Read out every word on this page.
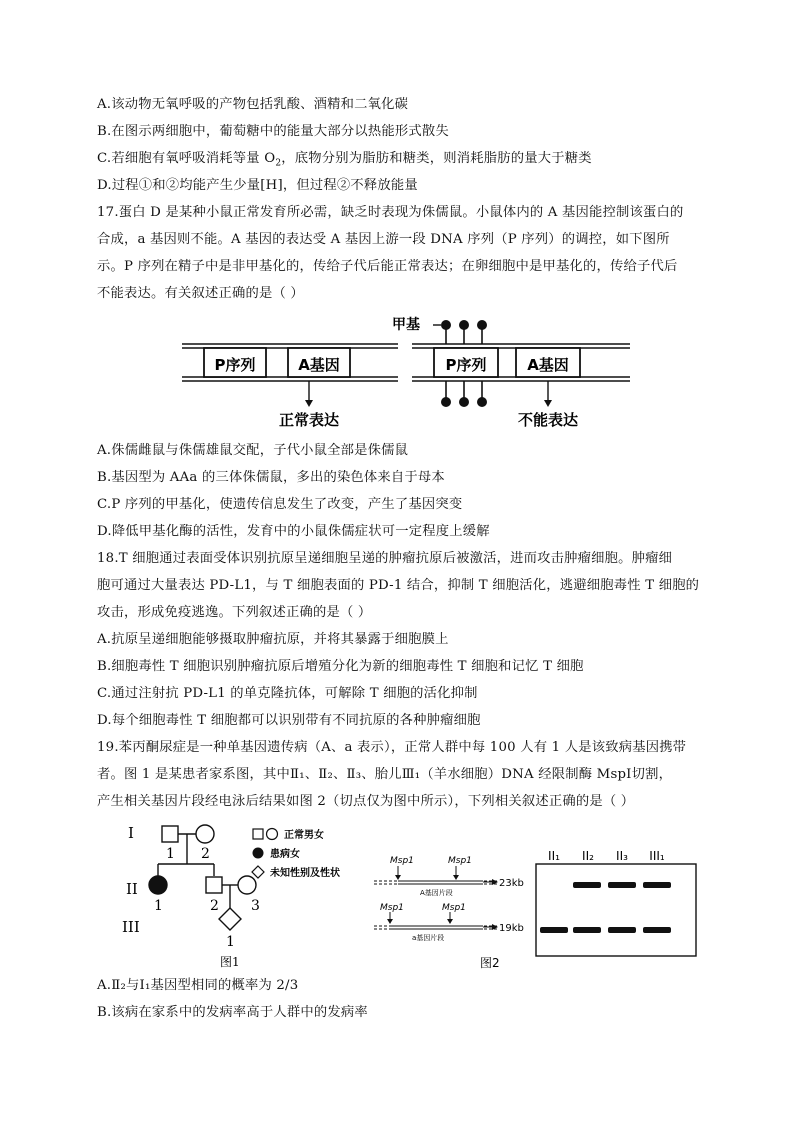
A.该动物无氧呼吸的产物包括乳酸、酒精和二氧化碳
B.在图示两细胞中，葡萄糖中的能量大部分以热能形式散失
C.若细胞有氧呼吸消耗等量 $O_2$，底物分别为脂肪和糖类，则消耗脂肪的量大于糖类
D.过程①和②均能产生少量[H]，但过程②不释放能量
17.蛋白 D 是某种小鼠正常发育所必需，缺乏时表现为侏儒鼠。小鼠体内的 A 基因能控制该蛋白的
合成，a 基因则不能。A 基因的表达受 A 基因上游一段 DNA 序列（P 序列）的调控，如下图所
示。P 序列在精子中是非甲基化的，传给子代后能正常表达；在卵细胞中是甲基化的，传给子代后
不能表达。有关叙述正确的是（ ）
P序列	A基因
正常表达
P序列	A基因
甲基
不能表达
A.侏儒雌鼠与侏儒雄鼠交配，子代小鼠全部是侏儒鼠
B.基因型为 AAa 的三体侏儒鼠，多出的染色体来自于母本
C.P 序列的甲基化，使遗传信息发生了改变，产生了基因突变
D.降低甲基化酶的活性，发育中的小鼠侏儒症状可一定程度上缓解
18.T 细胞通过表面受体识别抗原呈递细胞呈递的肿瘤抗原后被激活，进而攻击肿瘤细胞。肿瘤细
胞可通过大量表达 PD-L1，与 T 细胞表面的 PD-1 结合，抑制 T 细胞活化，逃避细胞毒性 T 细胞的
攻击，形成免疫逃逸。下列叙述正确的是（ ）
A.抗原呈递细胞能够摄取肿瘤抗原，并将其暴露于细胞膜上
B.细胞毒性 T 细胞识别肿瘤抗原后增殖分化为新的细胞毒性 T 细胞和记忆 T 细胞
C.通过注射抗 PD-L1 的单克隆抗体，可解除 T 细胞的活化抑制
D.每个细胞毒性 T 细胞都可以识别带有不同抗原的各种肿瘤细胞
19.苯丙酮尿症是一种单基因遗传病（A、a 表示），正常人群中每 100 人有 1 人是该致病基因携带
者。图 1 是某患者家系图，其中Ⅱ₁、Ⅱ₂、Ⅱ₃、胎儿Ⅲ₁（羊水细胞）DNA 经限制酶 MspⅠ切割，
产生相关基因片段经电泳后结果如图 2（切点仅为图中所示），下列相关叙述正确的是（ ）
I
II
III
1 2
1	2 3
1
正常男女
患病女
未知性别及性状
图1
Msp1	Msp1
A基因片段
23kb
Msp1	Msp1
a基因片段
19kb
II₁ II₂ II₃ III₁
图2
A.Ⅱ₂与Ⅰ₁基因型相同的概率为 2/3
B.该病在家系中的发病率高于人群中的发病率
